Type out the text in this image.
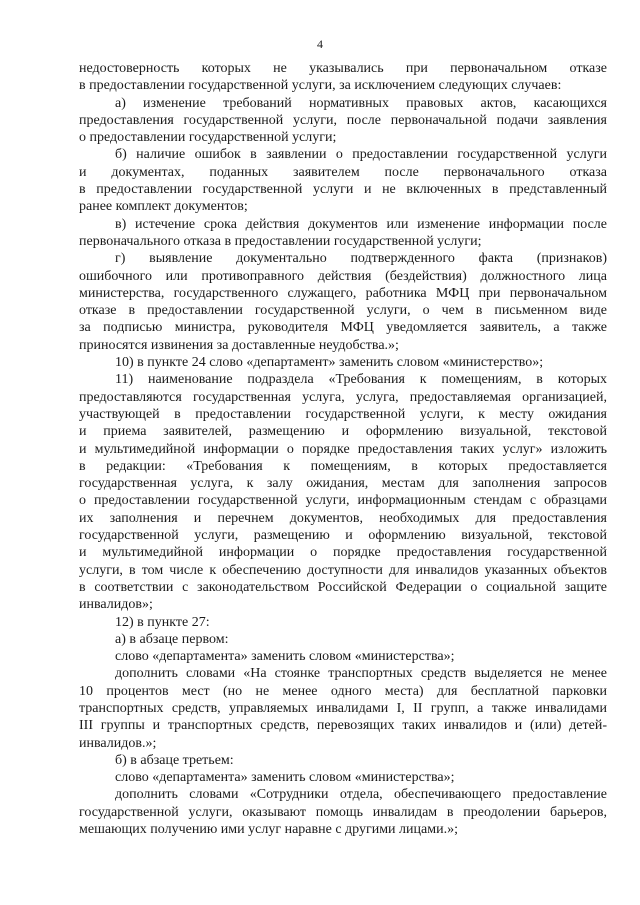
4

недостоверность которых не указывались при первоначальном отказе

в предоставлении государственной услуги, за исключением следующих случаев:

а) изменение требований нормативных правовых актов, касающихся

предоставления государственной услуги, после первоначальной подачи заявления

о предоставлении государственной услуги;

б) наличие ошибок в заявлении о предоставлении государственной услуги

и документах, поданных заявителем после первоначального отказа

в предоставлении государственной услуги и не включенных в представленный

ранее комплект документов;

в) истечение срока действия документов или изменение информации после

первоначального отказа в предоставлении государственной услуги;

г) выявление документально подтвержденного факта (признаков)

ошибочного или противоправного действия (бездействия) должностного лица

министерства, государственного служащего, работника МФЦ при первоначальном

отказе в предоставлении государственной услуги, о чем в письменном виде

за подписью министра, руководителя МФЦ уведомляется заявитель, а также

приносятся извинения за доставленные неудобства.»;

10) в пункте 24 слово «департамент» заменить словом «министерство»;

11) наименование подраздела «Требования к помещениям, в которых

предоставляются государственная услуга, услуга, предоставляемая организацией,

участвующей в предоставлении государственной услуги, к месту ожидания

и приема заявителей, размещению и оформлению визуальной, текстовой

и мультимедийной информации о порядке предоставления таких услуг» изложить

в редакции: «Требования к помещениям, в которых предоставляется

государственная услуга, к залу ожидания, местам для заполнения запросов

о предоставлении государственной услуги, информационным стендам с образцами

их заполнения и перечнем документов, необходимых для предоставления

государственной услуги, размещению и оформлению визуальной, текстовой

и мультимедийной информации о порядке предоставления государственной

услуги, в том числе к обеспечению доступности для инвалидов указанных объектов

в соответствии с законодательством Российской Федерации о социальной защите

инвалидов»;

12) в пункте 27:

а) в абзаце первом:

слово «департамента» заменить словом «министерства»;

дополнить словами «На стоянке транспортных средств выделяется не менее

10 процентов мест (но не менее одного места) для бесплатной парковки

транспортных средств, управляемых инвалидами I, II групп, а также инвалидами

III группы и транспортных средств, перевозящих таких инвалидов и (или) детей-

инвалидов.»;

б) в абзаце третьем:

слово «департамента» заменить словом «министерства»;

дополнить словами «Сотрудники отдела, обеспечивающего предоставление

государственной услуги, оказывают помощь инвалидам в преодолении барьеров,

мешающих получению ими услуг наравне с другими лицами.»;
